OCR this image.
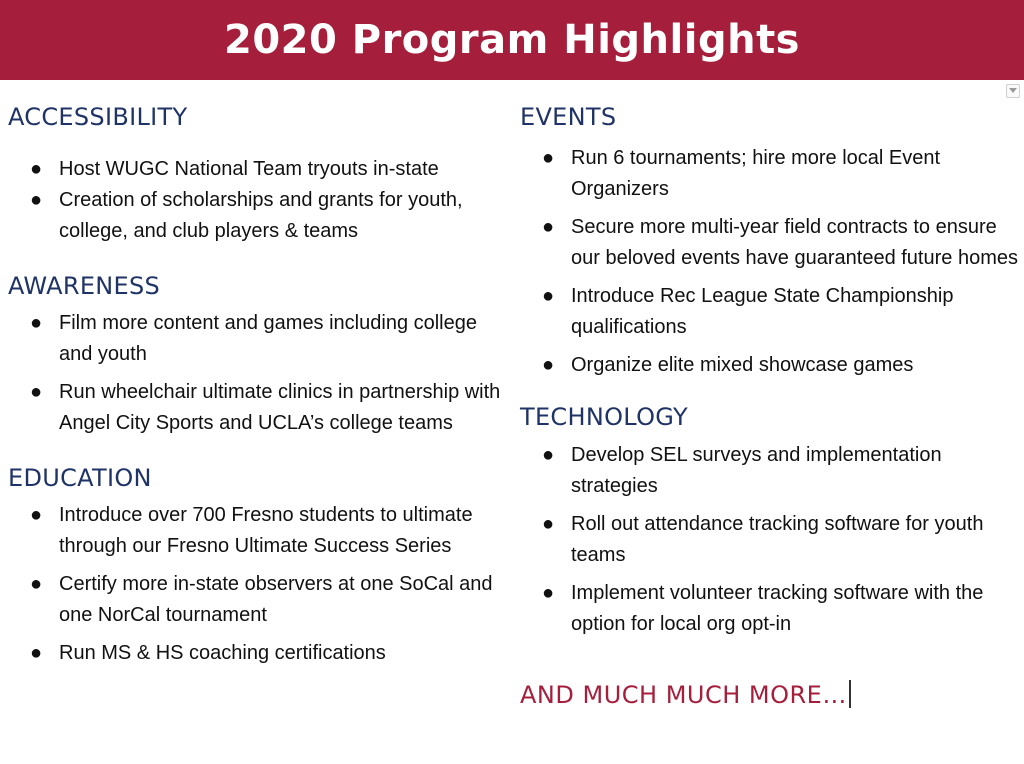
2020 Program Highlights
ACCESSIBILITY
● Host WUGC National Team tryouts in-state
● Creation of scholarships and grants for youth, college, and club players & teams
AWARENESS
● Film more content and games including college and youth
● Run wheelchair ultimate clinics in partnership with Angel City Sports and UCLA’s college teams
EDUCATION
● Introduce over 700 Fresno students to ultimate through our Fresno Ultimate Success Series
● Certify more in-state observers at one SoCal and one NorCal tournament
● Run MS & HS coaching certifications
EVENTS
● Run 6 tournaments; hire more local Event Organizers
● Secure more multi-year field contracts to ensure our beloved events have guaranteed future homes
● Introduce Rec League State Championship qualifications
● Organize elite mixed showcase games
TECHNOLOGY
● Develop SEL surveys and implementation strategies
● Roll out attendance tracking software for youth teams
● Implement volunteer tracking software with the option for local org opt-in
AND MUCH MUCH MORE…
